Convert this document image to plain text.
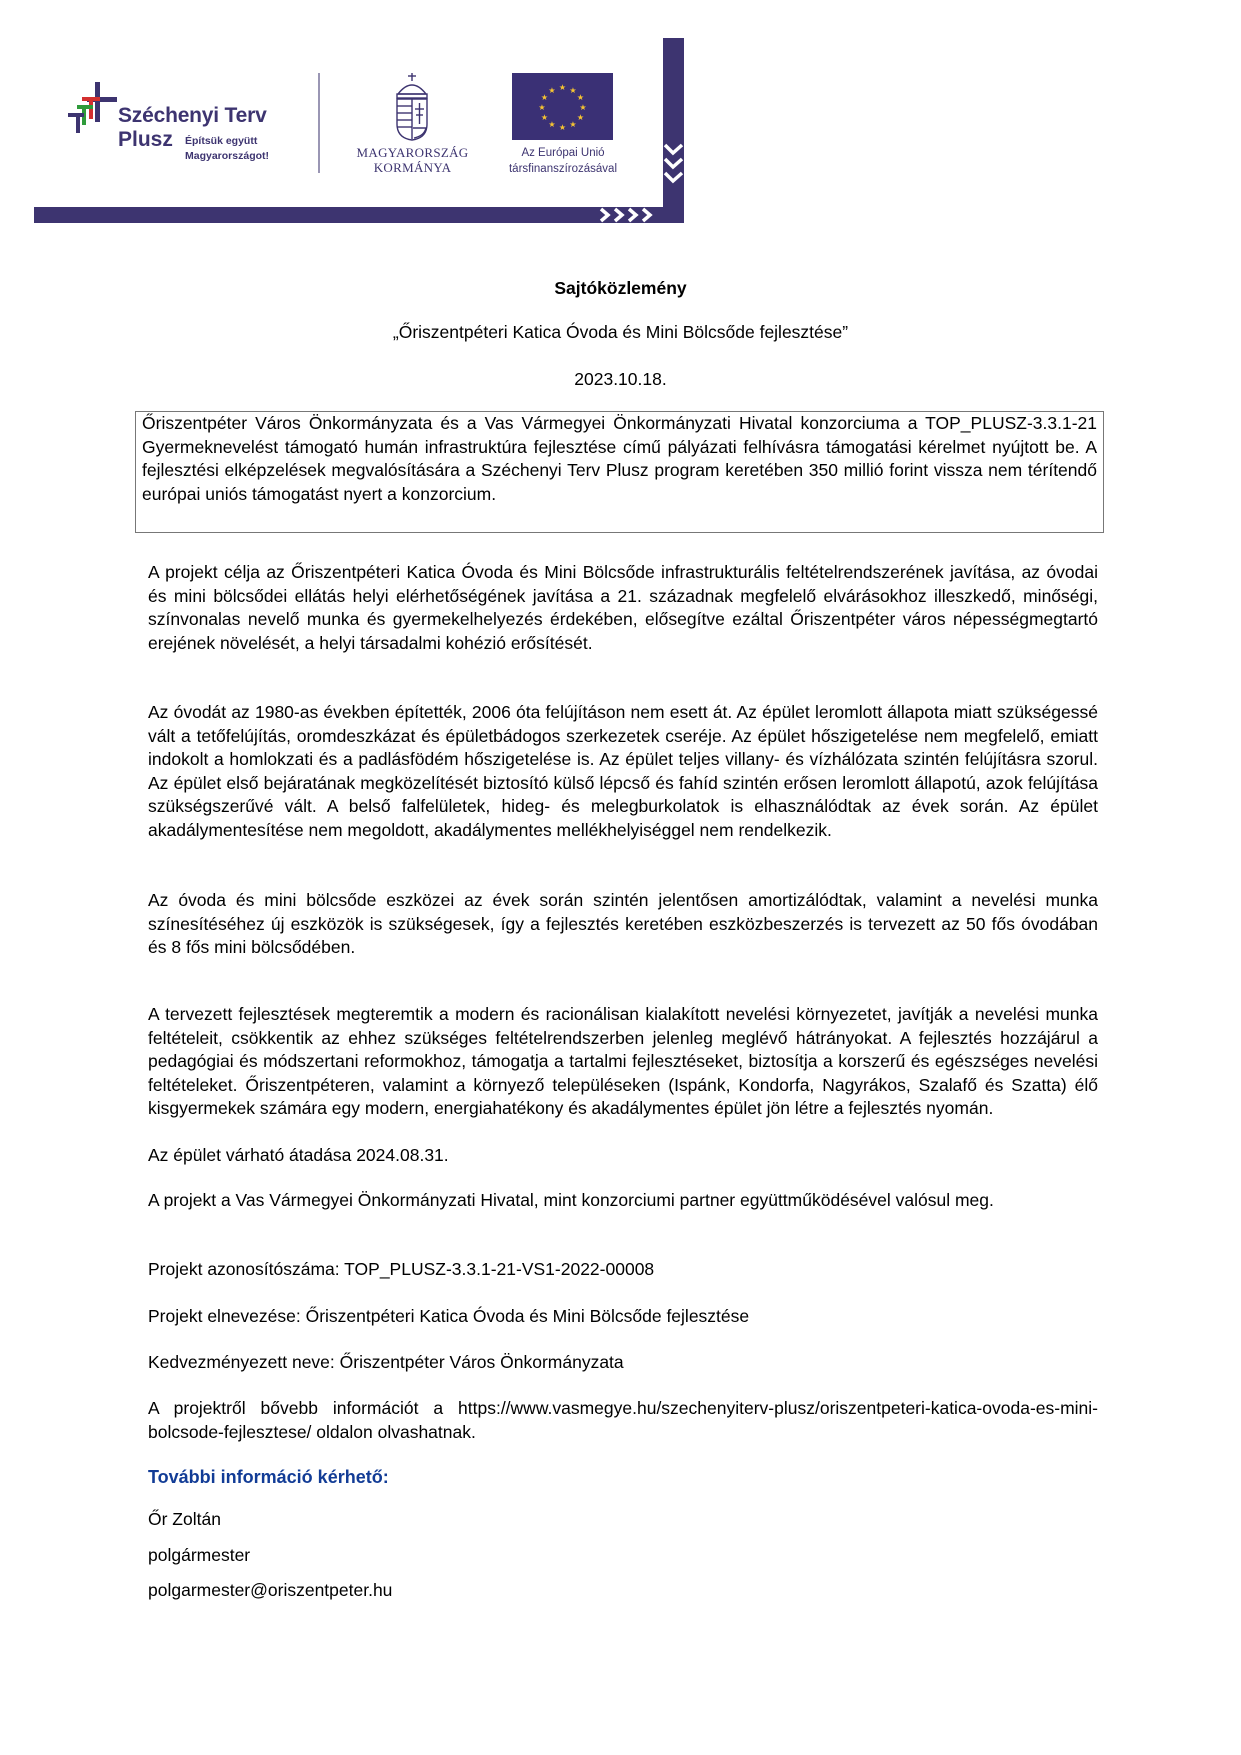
Széchenyi Terv
Plusz Építsük együtt
Magyarországot!	MAGYARORSZÁG
KORMÁNYA
★ ★
★
★
★
★
★
★
★
★
★
★
Az Európai Unió
társfinanszírozásával
Sajtóközlemény
„Őriszentpéteri Katica Óvoda és Mini Bölcsőde fejlesztése”
2023.10.18.

Őriszentpéter Város Önkormányzata és a Vas Vármegyei Önkormányzati Hivatal konzorciuma a TOP_PLUSZ-3.3.1-21 Gyermeknevelést támogató humán infrastruktúra fejlesztése című pályázati felhívásra támogatási kérelmet nyújtott be. A fejlesztési elképzelések megvalósítására a Széchenyi Terv Plusz program keretében 350 millió forint vissza nem térítendő európai uniós támogatást nyert a konzorcium.

A projekt célja az Őriszentpéteri Katica Óvoda és Mini Bölcsőde infrastrukturális feltételrendszerének javítása, az óvodai és mini bölcsődei ellátás helyi elérhetőségének javítása a 21. századnak megfelelő elvárásokhoz illeszkedő, minőségi, színvonalas nevelő munka és gyermekelhelyezés érdekében, elősegítve ezáltal Őriszentpéter város népességmegtartó erejének növelését, a helyi társadalmi kohézió erősítését.

Az óvodát az 1980-as években építették, 2006 óta felújításon nem esett át. Az épület leromlott állapota miatt szükségessé vált a tetőfelújítás, oromdeszkázat és épületbádogos szerkezetek cseréje. Az épület hőszigetelése nem megfelelő, emiatt indokolt a homlokzati és a padlásfödém hőszigetelése is. Az épület teljes villany- és vízhálózata szintén felújításra szorul. Az épület első bejáratának megközelítését biztosító külső lépcső és fahíd szintén erősen leromlott állapotú, azok felújítása szükségszerűvé vált. A belső falfelületek, hideg- és melegburkolatok is elhasználódtak az évek során. Az épület akadálymentesítése nem megoldott, akadálymentes mellékhelyiséggel nem rendelkezik.

Az óvoda és mini bölcsőde eszközei az évek során szintén jelentősen amortizálódtak, valamint a nevelési munka színesítéséhez új eszközök is szükségesek, így a fejlesztés keretében eszközbeszerzés is tervezett az 50 fős óvodában és 8 fős mini bölcsődében.

A tervezett fejlesztések megteremtik a modern és racionálisan kialakított nevelési környezetet, javítják a nevelési munka feltételeit, csökkentik az ehhez szükséges feltételrendszerben jelenleg meglévő hátrányokat. A fejlesztés hozzájárul a pedagógiai és módszertani reformokhoz, támogatja a tartalmi fejlesztéseket, biztosítja a korszerű és egészséges nevelési feltételeket. Őriszentpéteren, valamint a környező településeken (Ispánk, Kondorfa, Nagyrákos, Szalafő és Szatta) élő kisgyermekek számára egy modern, energiahatékony és akadálymentes épület jön létre a fejlesztés nyomán.

Az épület várható átadása 2024.08.31.

A projekt a Vas Vármegyei Önkormányzati Hivatal, mint konzorciumi partner együttműködésével valósul meg.

Projekt azonosítószáma: TOP_PLUSZ-3.3.1-21-VS1-2022-00008

Projekt elnevezése: Őriszentpéteri Katica Óvoda és Mini Bölcsőde fejlesztése

Kedvezményezett neve: Őriszentpéter Város Önkormányzata

A projektről bővebb információt a https://www.vasmegye.hu/szechenyiterv-plusz/oriszentpeteri-katica-ovoda-es-mini-bolcsode-fejlesztese/ oldalon olvashatnak.

További információ kérhető:
Őr Zoltán
polgármester
polgarmester@oriszentpeter.hu
